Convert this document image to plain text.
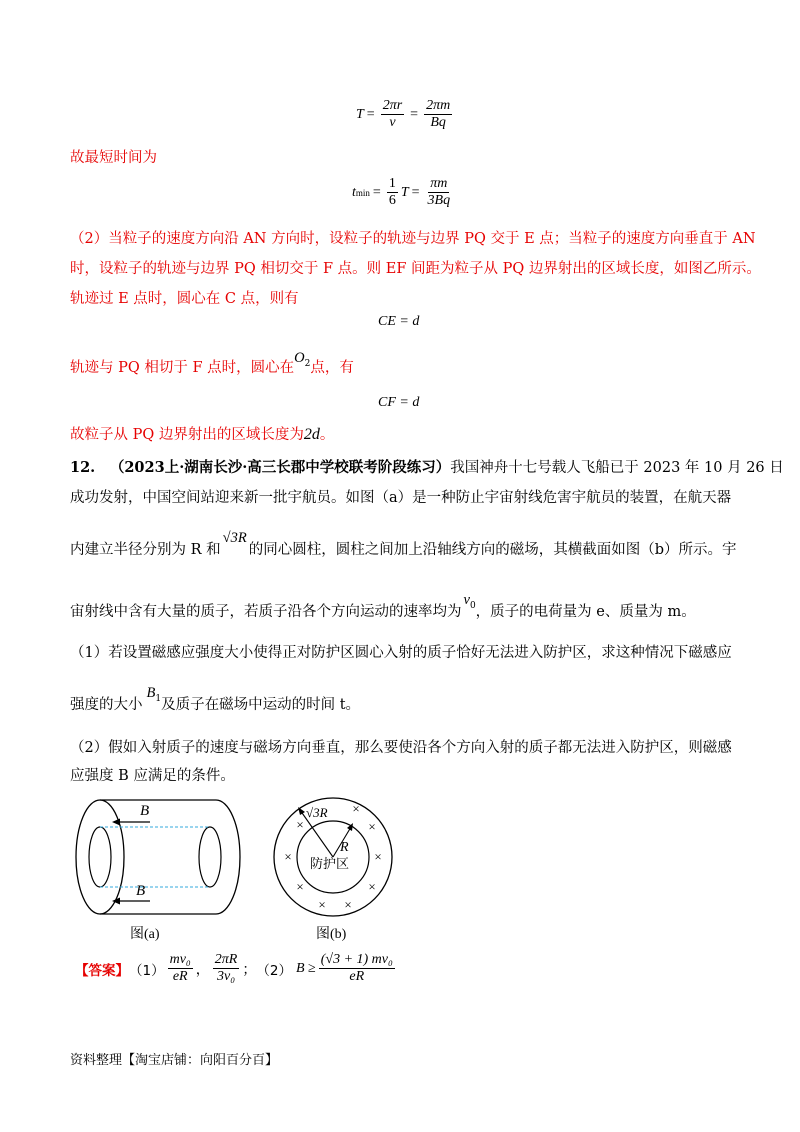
$T = \frac{2\pi r}{v} = \frac{2\pi m}{Bq}$
故最短时间为
t $\min = \frac{1}{6}$ $T = \frac{\pi m}{3Bq}$
（2）当粒子的速度方向沿 AN 方向时，设粒子的轨迹与边界 PQ 交于 E 点；当粒子的速度方向垂直于 AN
时，设粒子的轨迹与边界 PQ 相切交于 F 点。则 EF 间距为粒子从 PQ 边界射出的区域长度，如图乙所示。
轨迹过 E 点时，圆心在 C 点，则有
CE = d
轨迹与 PQ 相切于 F 点时，圆心在$O_2$点，有
CF = d
故粒子从 PQ 边界射出的区域长度为2d。
12. （2023上·湖南长沙·高三长郡中学校联考阶段练习）我国神舟十七号载人飞船已于 2023 年 10 月 26 日
成功发射，中国空间站迎来新一批宇航员。如图（a）是一种防止宇宙射线危害宇航员的装置，在航天器
内建立半径分别为 R 和√3R的同心圆柱，圆柱之间加上沿轴线方向的磁场，其横截面如图（b）所示。宇
宙射线中含有大量的质子，若质子沿各个方向运动的速率均为$v_0$，质子的电荷量为 e、质量为 m。
（1）若设置磁感应强度大小使得正对防护区圆心入射的质子恰好无法进入防护区，求这种情况下磁感应
强度的大小$B_1$及质子在磁场中运动的时间 t。
（2）假如入射质子的速度与磁场方向垂直，那么要使沿各个方向入射的质子都无法进入防护区，则磁感
应强度 B 应满足的条件。
B
B
图(a)
√3R
R
防护区
×
×
×
×	×
×	×
× ×
图(b)
【答案】 $(1) \frac{\text{mv₀}}{eR}$ ， $\frac{2\pi R}{\text{3v₀}}$ ； （2） $B \ge \frac{\text{(√3 + 1) mv₀}}{eR}$
资料整理【淘宝店铺：向阳百分百】
